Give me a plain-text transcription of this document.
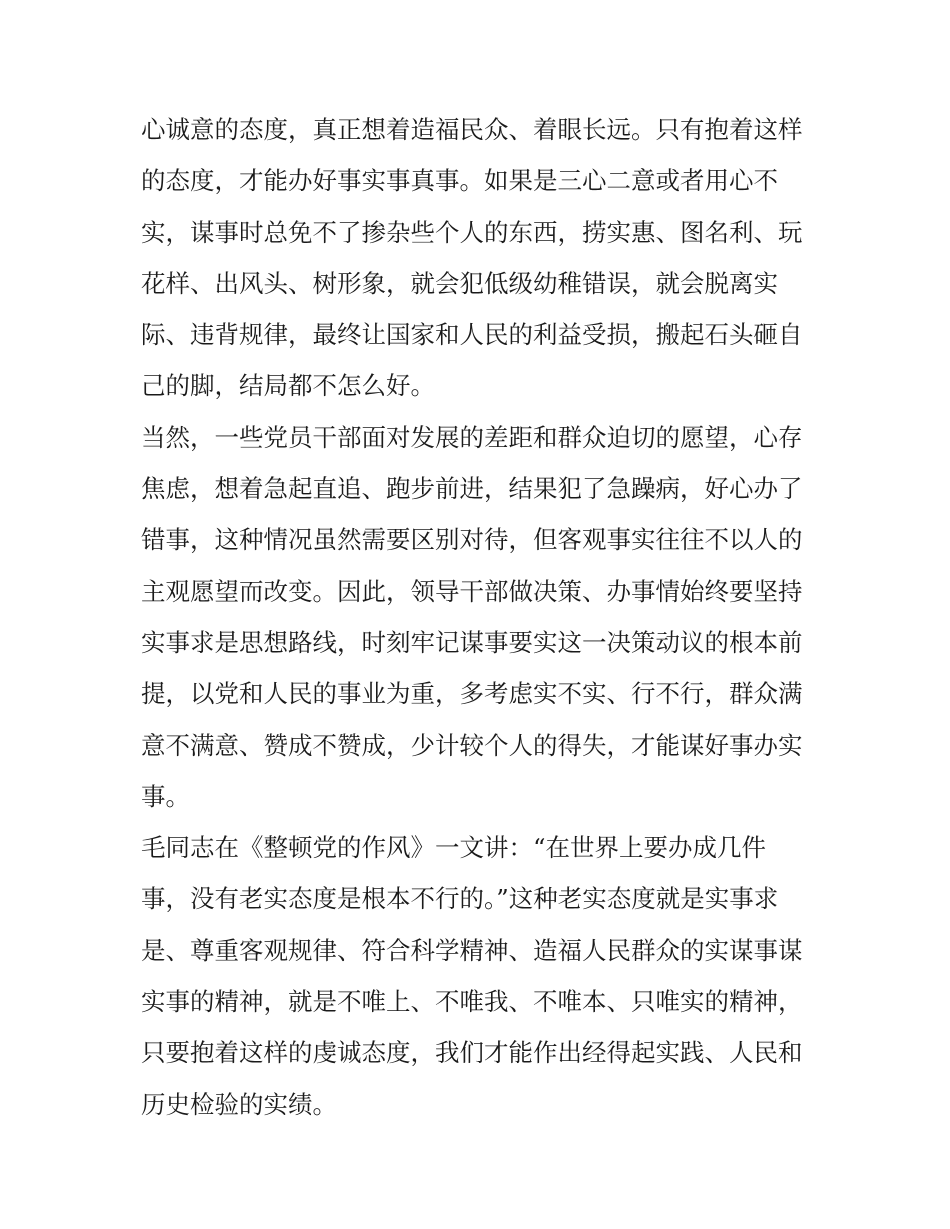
心诚意的态度，真正想着造福民众、着眼长远。只有抱着这样
的态度，才能办好事实事真事。如果是三心二意或者用心不
实，谋事时总免不了掺杂些个人的东西，捞实惠、图名利、玩
花样、出风头、树形象，就会犯低级幼稚错误，就会脱离实
际、违背规律，最终让国家和人民的利益受损，搬起石头砸自
己的脚，结局都不怎么好。
当然，一些党员干部面对发展的差距和群众迫切的愿望，心存
焦虑，想着急起直追、跑步前进，结果犯了急躁病，好心办了
错事，这种情况虽然需要区别对待，但客观事实往往不以人的
主观愿望而改变。因此，领导干部做决策、办事情始终要坚持
实事求是思想路线，时刻牢记谋事要实这一决策动议的根本前
提，以党和人民的事业为重，多考虑实不实、行不行，群众满
意不满意、赞成不赞成，少计较个人的得失，才能谋好事办实
事。
毛同志在《整顿党的作风》一文讲：“在世界上要办成几件
事，没有老实态度是根本不行的。”这种老实态度就是实事求
是、尊重客观规律、符合科学精神、造福人民群众的实谋事谋
实事的精神，就是不唯上、不唯我、不唯本、只唯实的精神，
只要抱着这样的虔诚态度，我们才能作出经得起实践、人民和
历史检验的实绩。
